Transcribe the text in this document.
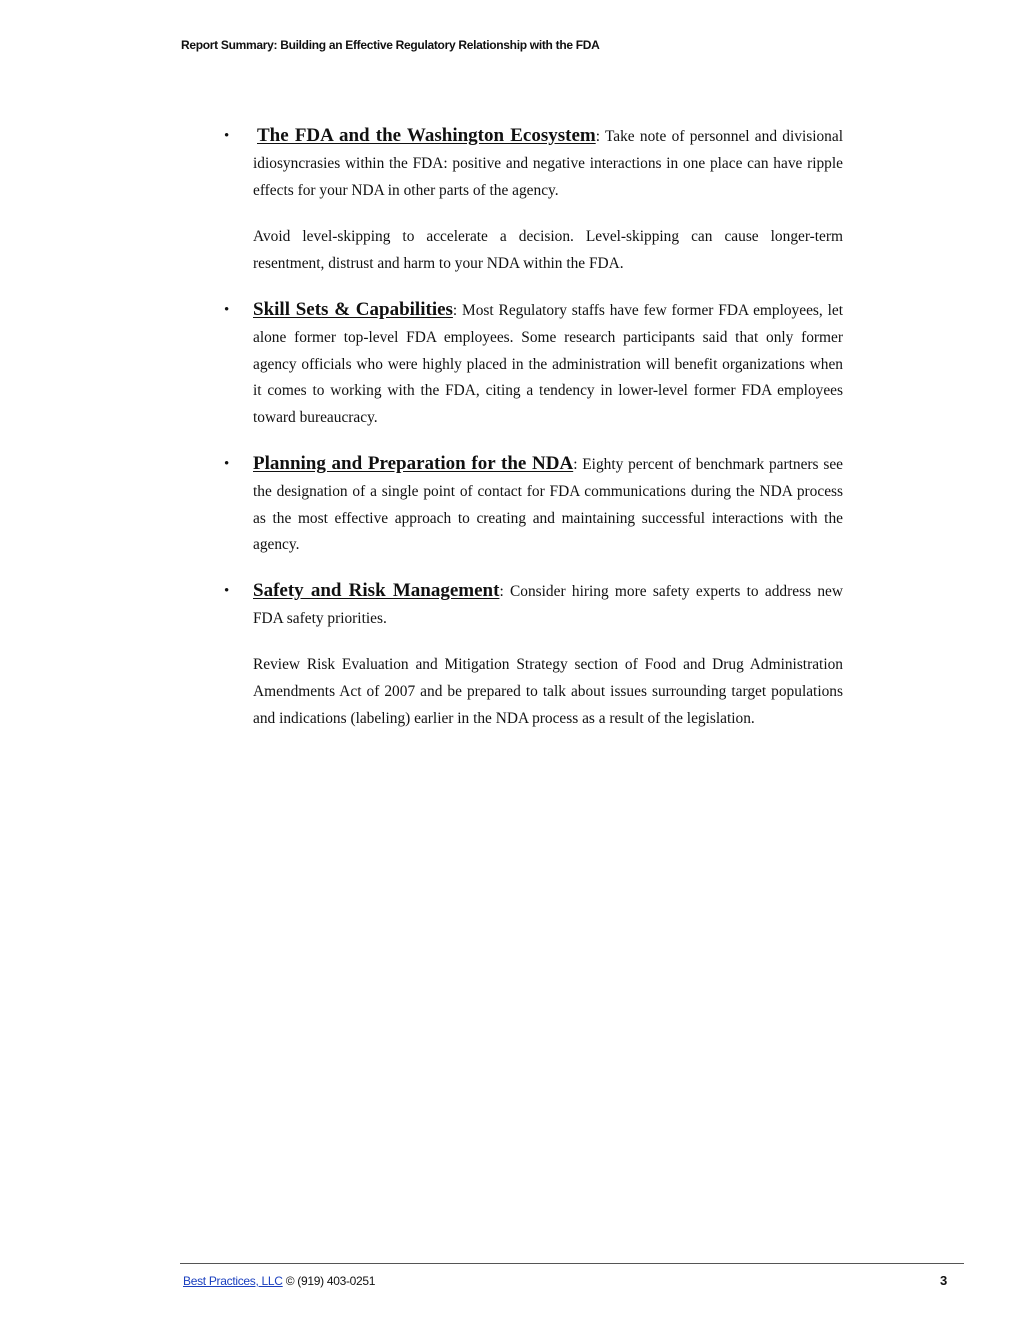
Report Summary: Building an Effective Regulatory Relationship with the FDA
• The FDA and the Washington Ecosystem: Take note of personnel and divisional idiosyncrasies within the FDA: positive and negative interactions in one place can have ripple effects for your NDA in other parts of the agency.
Avoid level-skipping to accelerate a decision. Level-skipping can cause longer-term resentment, distrust and harm to your NDA within the FDA.
• Skill Sets & Capabilities: Most Regulatory staffs have few former FDA employees, let alone former top-level FDA employees. Some research participants said that only former agency officials who were highly placed in the administration will benefit organizations when it comes to working with the FDA, citing a tendency in lower-level former FDA employees toward bureaucracy.
• Planning and Preparation for the NDA: Eighty percent of benchmark partners see the designation of a single point of contact for FDA communications during the NDA process as the most effective approach to creating and maintaining successful interactions with the agency.
• Safety and Risk Management: Consider hiring more safety experts to address new FDA safety priorities.
Review Risk Evaluation and Mitigation Strategy section of Food and Drug Administration Amendments Act of 2007 and be prepared to talk about issues surrounding target populations and indications (labeling) earlier in the NDA process as a result of the legislation.
Best Practices, LLC © (919) 403-0251	3
